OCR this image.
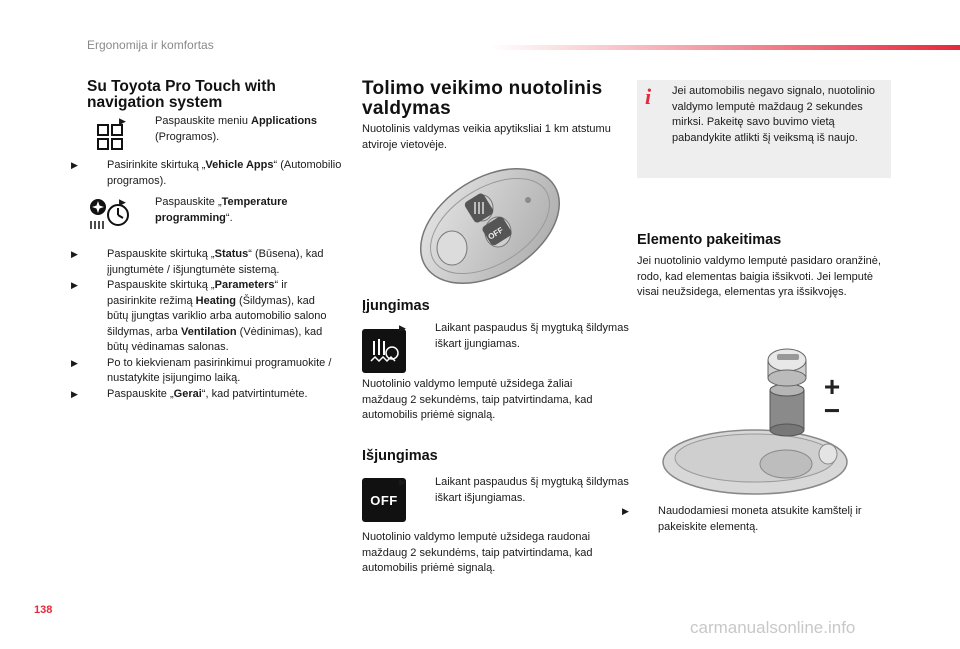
Ergonomija ir komfortas
Su Toyota Pro Touch with navigation system
▶	Paspauskite meniu Applications (Programos).
▶	Pasirinkite skirtuką „Vehicle Apps“ (Automobilio programos).
▶	Paspauskite „Temperature programming“.
▶	Paspauskite skirtuką „Status“ (Būsena), kad įjungtumėte / išjungtumėte sistemą.
▶	Paspauskite skirtuką „Parameters“ ir pasirinkite režimą Heating (Šildymas), kad būtų įjungtas variklio arba automobilio salono šildymas, arba Ventilation (Vėdinimas), kad būtų vėdinamas salonas.
▶	Po to kiekvienam pasirinkimui programuokite / nustatykite įsijungimo laiką.
▶	Paspauskite „Gerai“, kad patvirtintumėte.
Tolimo veikimo nuotolinis valdymas

Nuotolinis valdymas veikia apytiksliai 1 km atstumu atviroje vietovėje.

OFF
Įjungimas
▶	Laikant paspaudus šį mygtuką šildymas iškart įjungiamas.

Nuotolinio valdymo lemputė užsidega žaliai maždaug 2 sekundėms, taip patvirtindama, kad automobilis priėmė signalą.

Išjungimas
OFF
▶	Laikant paspaudus šį mygtuką šildymas iškart išjungiamas.

Nuotolinio valdymo lemputė užsidega raudonai maždaug 2 sekundėms, taip patvirtindama, kad automobilis priėmė signalą.

i	Jei automobilis negavo signalo, nuotolinio valdymo lemputė maždaug 2 sekundes mirksi. Pakeitę savo buvimo vietą pabandykite atlikti šį veiksmą iš naujo.

Elemento pakeitimas

Jei nuotolinio valdymo lemputė pasidaro oranžinė, rodo, kad elementas baigia išsikvoti. Jei lemputė visai neužsidega, elementas yra išsikvoјęs.

+
−
▶	Naudodamiesi moneta atsukite kamštelį ir pakeiskite elementą.
138
carmanualsonline.info
